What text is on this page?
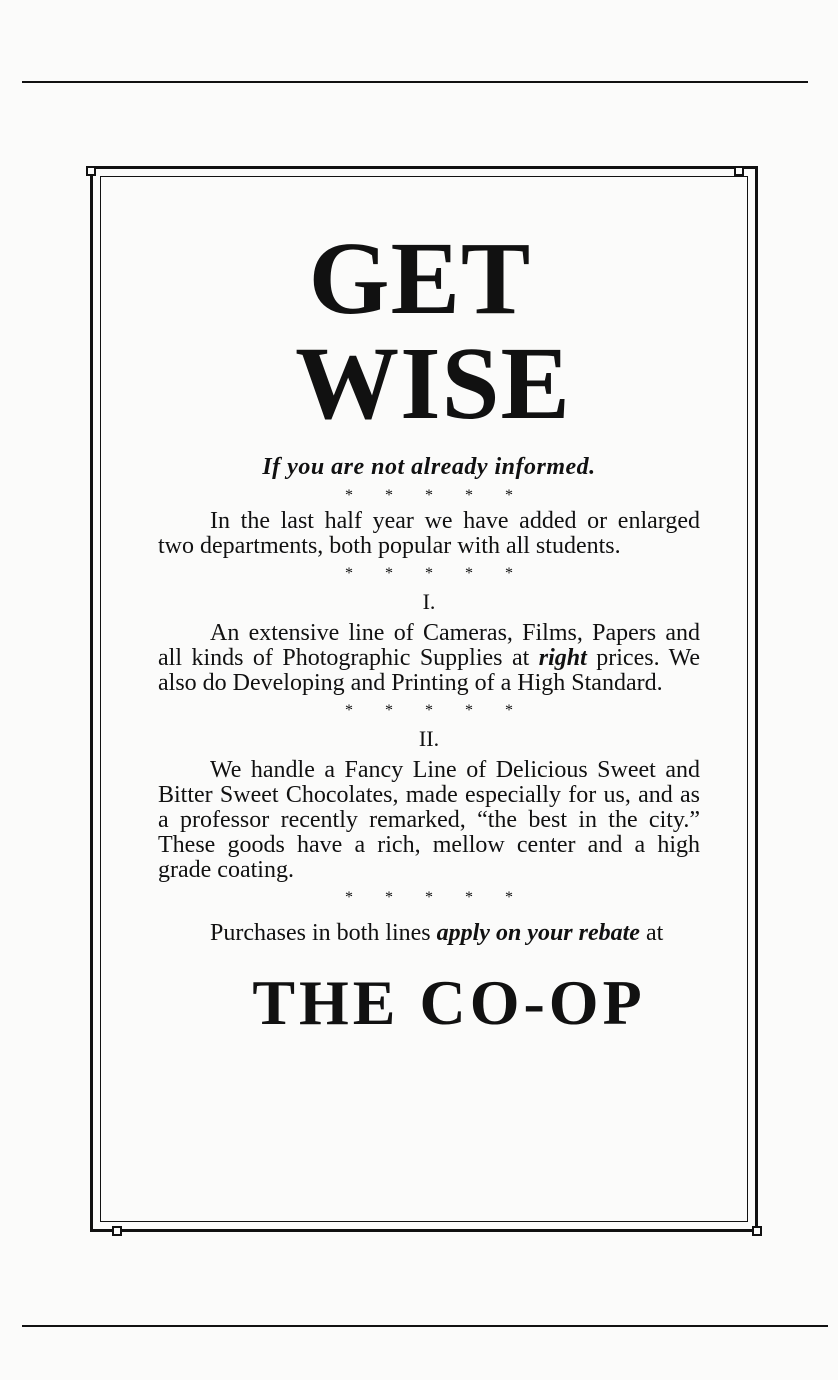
GET
WISE
If you are not already informed.
* * * * *

In the last half year we have added or enlarged two departments, both popular with all students.

* * * * *
I.

An extensive line of Cameras, Films, Papers and all kinds of Photographic Supplies at right prices. We also do Developing and Printing of a High Standard.

* * * * *
II.

We handle a Fancy Line of Delicious Sweet and Bitter Sweet Chocolates, made especially for us, and as a professor recently remarked, “the best in the city.” These goods have a rich, mellow center and a high grade coating.

* * * * *

Purchases in both lines apply on your rebate at

THE CO-OP
